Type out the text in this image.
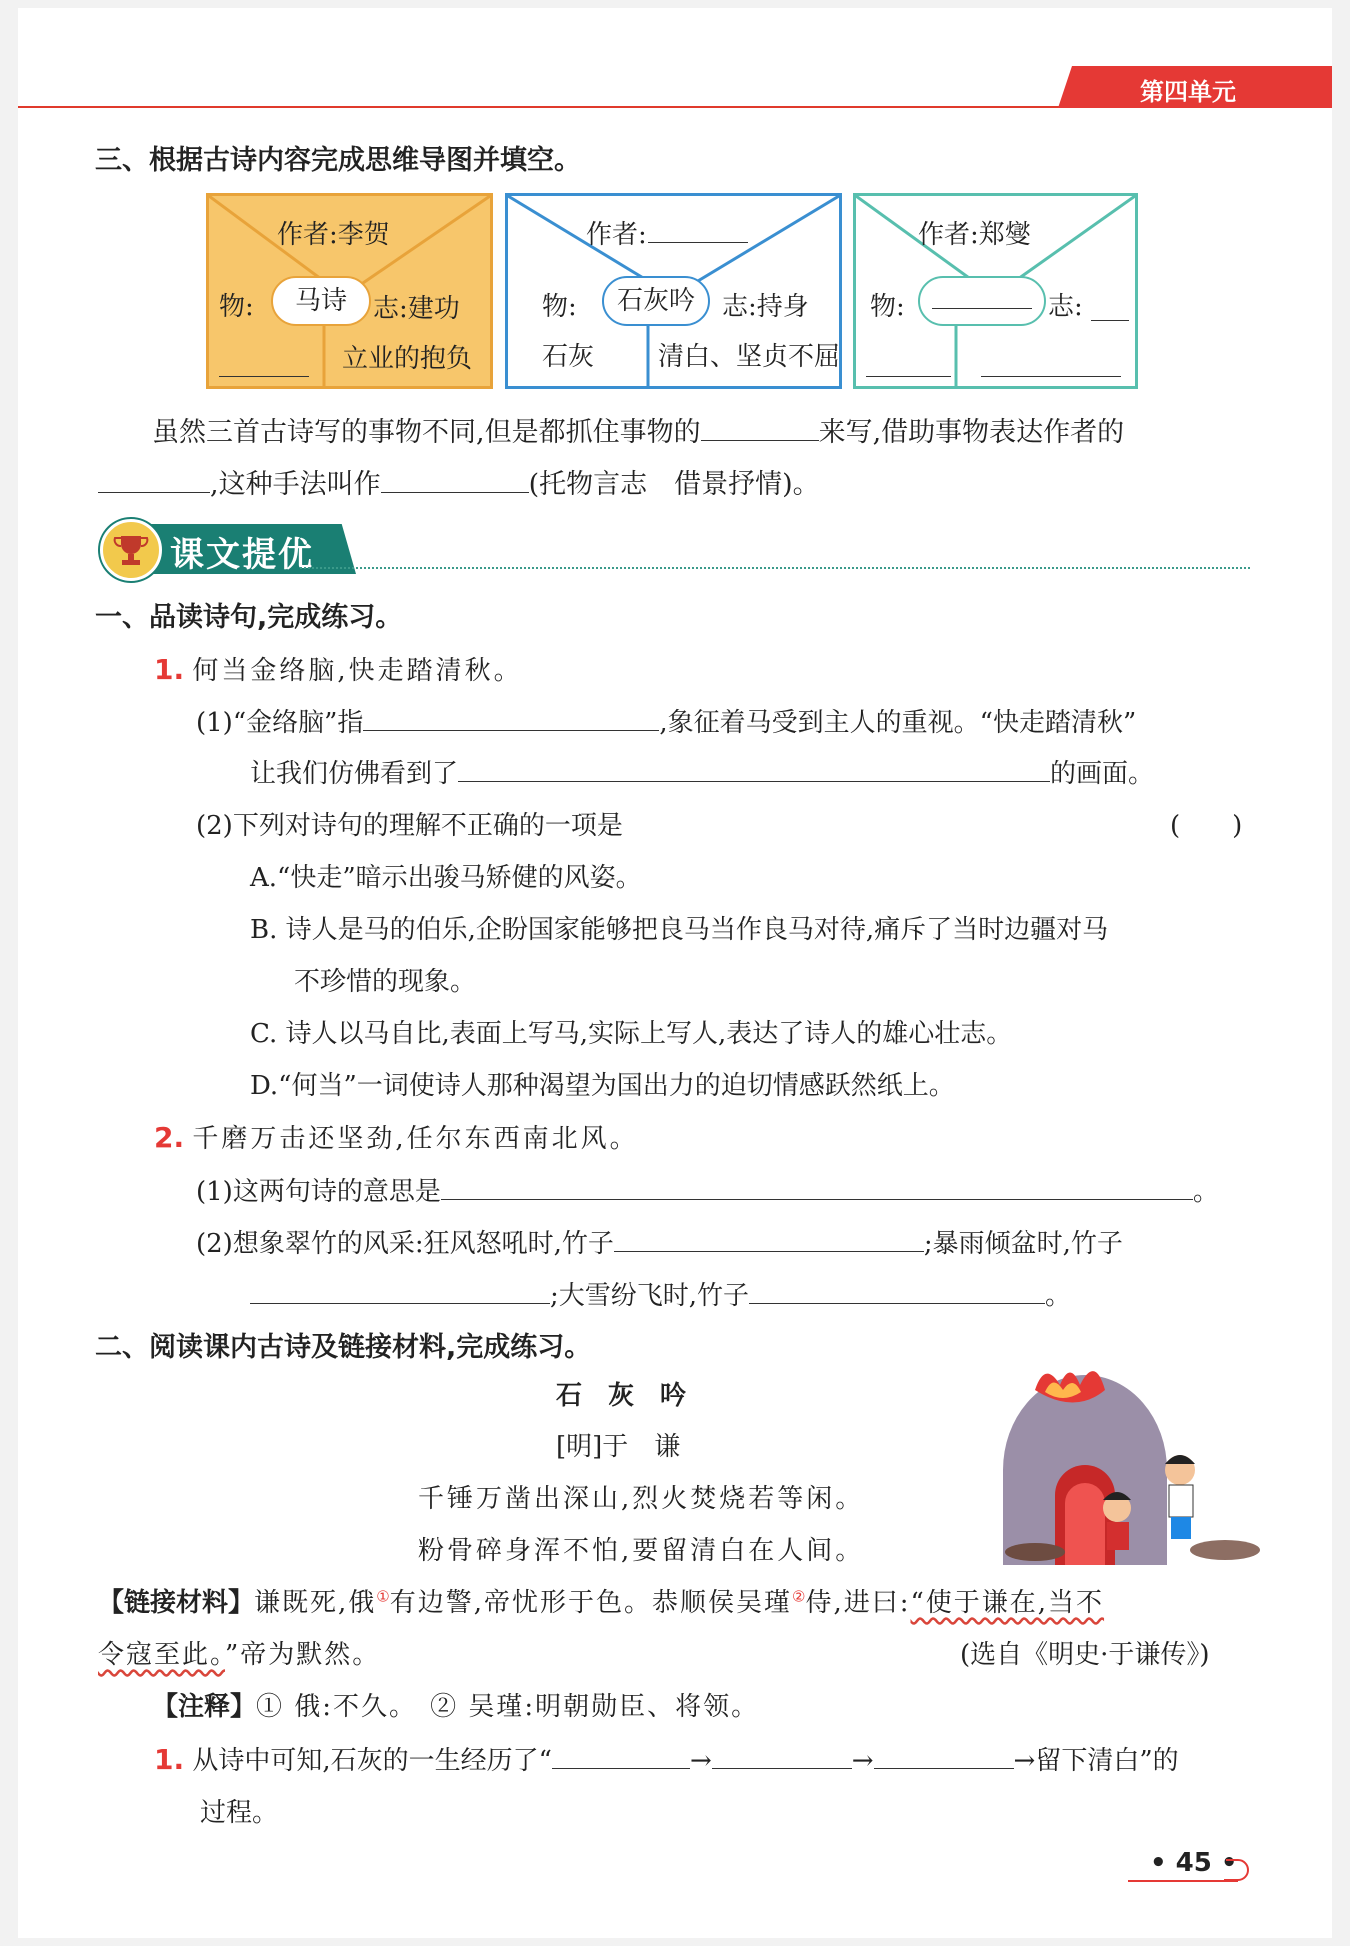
第四单元
三、根据古诗内容完成思维导图并填空。
作者:李贺
物:	马诗	志:建功
立业的抱负
作者:
物:	石灰吟	志:持身
石灰 清白、坚贞不屈
作者:郑燮
物:	志:
虽然三首古诗写的事物不同,但是都抓住事物的	来写,借助事物表达作者的
,这种手法叫作	(托物言志　借景抒情)。
课文提优
一、品读诗句,完成练习。
1. 何当金络脑,快走踏清秋。
(1)“金络脑”指	,象征着马受到主人的重视。“快走踏清秋”
让我们仿佛看到了	的画面。
(2)下列对诗句的理解不正确的一项是	(　　)
A.“快走”暗示出骏马矫健的风姿。
B. 诗人是马的伯乐,企盼国家能够把良马当作良马对待,痛斥了当时边疆对马
不珍惜的现象。
C. 诗人以马自比,表面上写马,实际上写人,表达了诗人的雄心壮志。
D.“何当”一词使诗人那种渴望为国出力的迫切情感跃然纸上。
2. 千磨万击还坚劲,任尔东西南北风。
(1)这两句诗的意思是	。
(2)想象翠竹的风采:狂风怒吼时,竹子	;暴雨倾盆时,竹子
;大雪纷飞时,竹子	。
二、阅读课内古诗及链接材料,完成练习。
石　灰　吟
[明]于　谦
千锤万凿出深山,烈火焚烧若等闲。
粉骨碎身浑不怕,要留清白在人间。
【链接材料】谦既死,俄①有边警,帝忧形于色。恭顺侯吴瑾②侍,进曰:“使于谦在,当不
令寇至此。”帝为默然。	(选自《明史·于谦传》)
【注释】① 俄:不久。　 ② 吴瑾:明朝勋臣、将领。
1. 从诗中可知,石灰的一生经历了“	→	→	→留下清白”的
过程。
• 45 •
